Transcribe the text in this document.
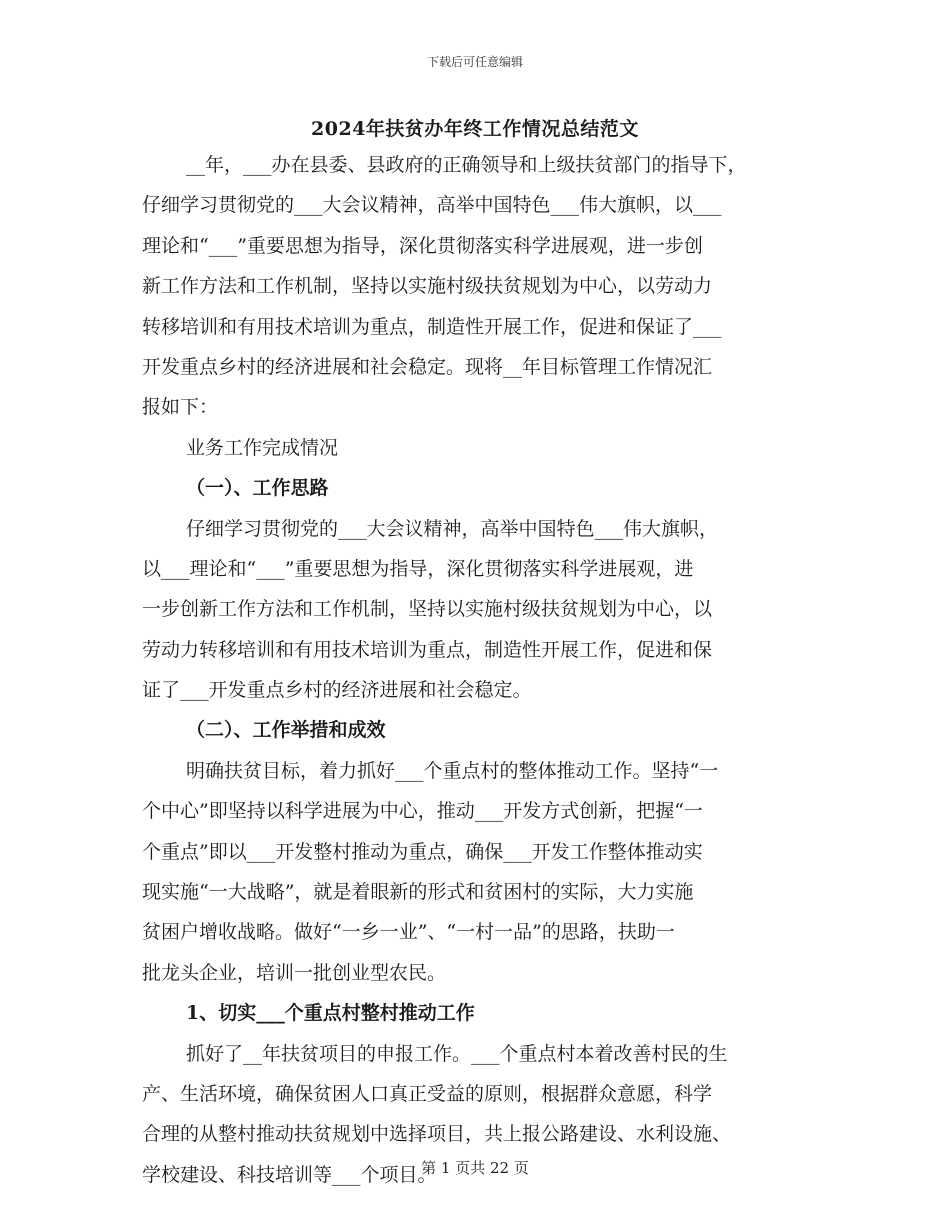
下载后可任意编辑
2024年扶贫办年终工作情况总结范文
__年，___办在县委、县政府的正确领导和上级扶贫部门的指导下，
仔细学习贯彻党的___大会议精神，高举中国特色___伟大旗帜，以___
理论和“___”重要思想为指导，深化贯彻落实科学进展观，进一步创
新工作方法和工作机制，坚持以实施村级扶贫规划为中心，以劳动力
转移培训和有用技术培训为重点，制造性开展工作，促进和保证了___
开发重点乡村的经济进展和社会稳定。现将__年目标管理工作情况汇
报如下：
业务工作完成情况
（一）、工作思路
仔细学习贯彻党的___大会议精神，高举中国特色___伟大旗帜，
以___理论和“___”重要思想为指导，深化贯彻落实科学进展观，进
一步创新工作方法和工作机制，坚持以实施村级扶贫规划为中心，以
劳动力转移培训和有用技术培训为重点，制造性开展工作，促进和保
证了___开发重点乡村的经济进展和社会稳定。
（二）、工作举措和成效
明确扶贫目标，着力抓好___个重点村的整体推动工作。坚持“一
个中心”即坚持以科学进展为中心，推动___开发方式创新，把握“一
个重点”即以___开发整村推动为重点，确保___开发工作整体推动实
现实施“一大战略”，就是着眼新的形式和贫困村的实际，大力实施
贫困户增收战略。做好“一乡一业”、“一村一品”的思路，扶助一
批龙头企业，培训一批创业型农民。
1、切实___个重点村整村推动工作
抓好了__年扶贫项目的申报工作。___个重点村本着改善村民的生
产、生活环境，确保贫困人口真正受益的原则，根据群众意愿，科学
合理的从整村推动扶贫规划中选择项目，共上报公路建设、水利设施、
学校建设、科技培训等___个项目。
第 1 页共 22 页
